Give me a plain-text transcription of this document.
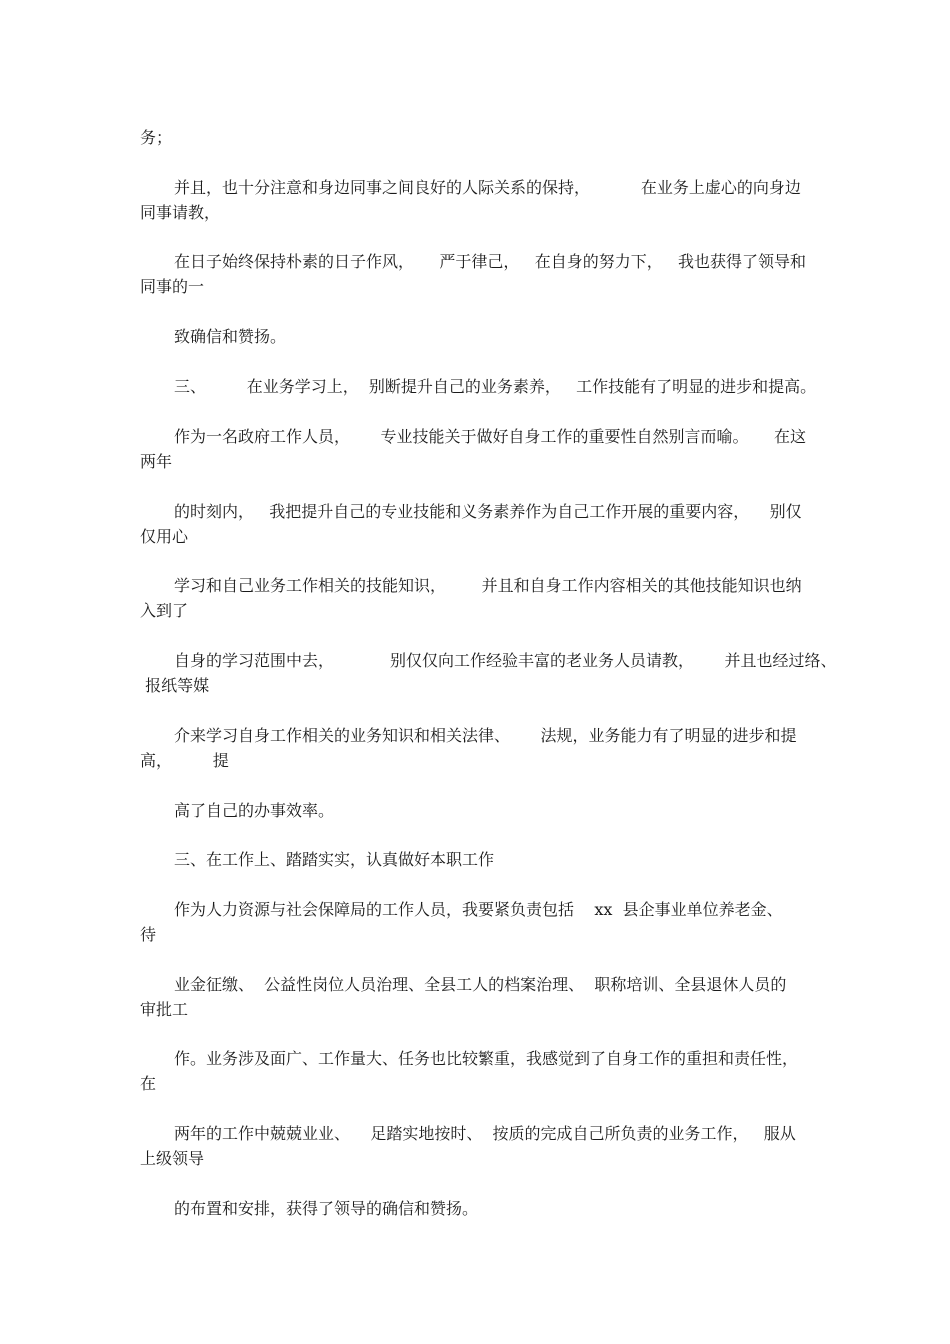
务；
并且，也十分注意和身边同事之间良好的人际关系的保持，          在业务上虚心的向身边
同事请教，
在日子始终保持朴素的日子作风，     严于律己，   在自身的努力下，   我也获得了领导和
同事的一
致确信和赞扬。
三、        在业务学习上，  别断提升自己的业务素养，   工作技能有了明显的进步和提高。
作为一名政府工作人员，      专业技能关于做好自身工作的重要性自然别言而喻。     在这
两年
的时刻内，   我把提升自己的专业技能和义务素养作为自己工作开展的重要内容，    别仅
仅用心
学习和自己业务工作相关的技能知识，       并且和自身工作内容相关的其他技能知识也纳
入到了
自身的学习范围中去，           别仅仅向工作经验丰富的老业务人员请教，      并且也经过络、
报纸等媒
介来学习自身工作相关的业务知识和相关法律、      法规，业务能力有了明显的进步和提
高，        提
高了自己的办事效率。
三、在工作上、踏踏实实，认真做好本职工作
作为人力资源与社会保障局的工作人员，我要紧负责包括    xx  县企事业单位养老金、
待
业金征缴、  公益性岗位人员治理、全县工人的档案治理、  职称培训、全县退休人员的
审批工
作。业务涉及面广、工作量大、任务也比较繁重，我感觉到了自身工作的重担和责任性，
在
两年的工作中兢兢业业、    足踏实地按时、  按质的完成自己所负责的业务工作，   服从
上级领导
的布置和安排，获得了领导的确信和赞扬。
